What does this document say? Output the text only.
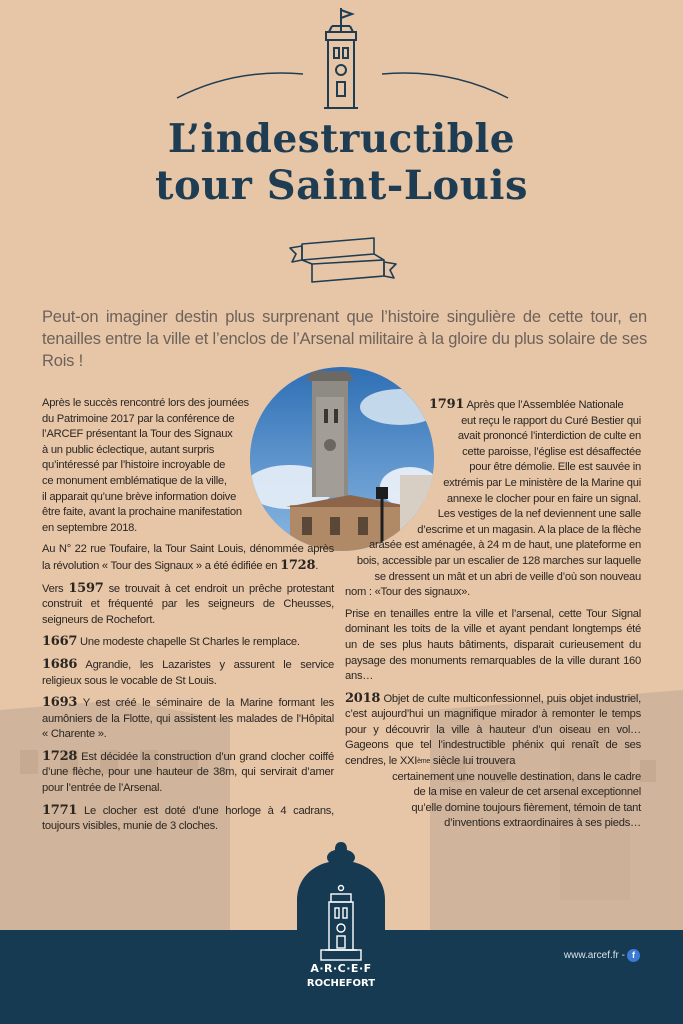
L’indestructible
tour Saint-Louis
Peut-on imaginer destin plus surprenant que l’histoire singulière de cette tour, en tenailles entre la ville et l’enclos de l’Arsenal militaire à la gloire du plus solaire de ses Rois !

Après le succès rencontré lors des journées
du Patrimoine 2017 par la conférence de
l’ARCEF présentant la Tour des Signaux
à un public éclectique, autant surpris
qu’intéressé par l’histoire incroyable de
ce monument emblématique de la ville,
il apparait qu’une brève information doive
être faite, avant la prochaine manifestation
en septembre 2018.

Au N° 22 rue Toufaire, la Tour Saint Louis, dénommée après la révolution « Tour des Signaux » a été édifiée en 1728.

Vers 1597 se trouvait à cet endroit un prêche protestant construit et fréquenté par les seigneurs de Cheusses, seigneurs de Rochefort.

1667 Une modeste chapelle St Charles le remplace.

1686 Agrandie, les Lazaristes y assurent le service religieux sous le vocable de St Louis.

1693 Y est créé le séminaire de la Marine formant les aumôniers de la Flotte, qui assistent les malades de l’Hôpital « Charente ».

1728 Est décidée la construction d’un grand clocher coiffé d’une flèche, pour une hauteur de 38m, qui servirait d’amer pour l’entrée de l’Arsenal.

1771 Le clocher est doté d’une horloge à 4 cadrans, toujours visibles, munie de 3 cloches.

1791 Après que l’Assemblée Nationale
eut reçu le rapport du Curé Bestier qui
avait prononcé l’interdiction de culte en
cette paroisse, l’église est désaffectée
pour être démolie. Elle est sauvée in
extrémis par Le ministère de la Marine qui
annexe le clocher pour en faire un signal.
Les vestiges de la nef deviennent une salle
d’escrime et un magasin. A la place de la flèche
arasée est aménagée, à 24 m de haut, une plateforme en
bois, accessible par un escalier de 128 marches sur laquelle
se dressent un mât et un abri de veille d’où son nouveau
nom : «Tour des signaux».

Prise en tenailles entre la ville et l’arsenal, cette Tour Signal dominant les toits de la ville et ayant pendant longtemps été un de ses plus hauts bâtiments, disparait curieusement du paysage des monuments remarquables de la ville durant 160 ans…

2018 Objet de culte multiconfessionnel, puis objet industriel, c’est aujourd’hui un magnifique mirador à remonter le temps pour y découvrir la ville à hauteur d’un oiseau en vol… Gageons que tel l’indestructible phénix qui renaît de ses cendres, le XXIème siècle lui trouvera
certainement une nouvelle destination, dans le cadre
de la mise en valeur de cet arsenal exceptionnel
qu’elle domine toujours fièrement, témoin de tant
d’inventions extraordinaires à ses pieds…

A·R·C·E·F
ROCHEFORT
www.arcef.fr - f
